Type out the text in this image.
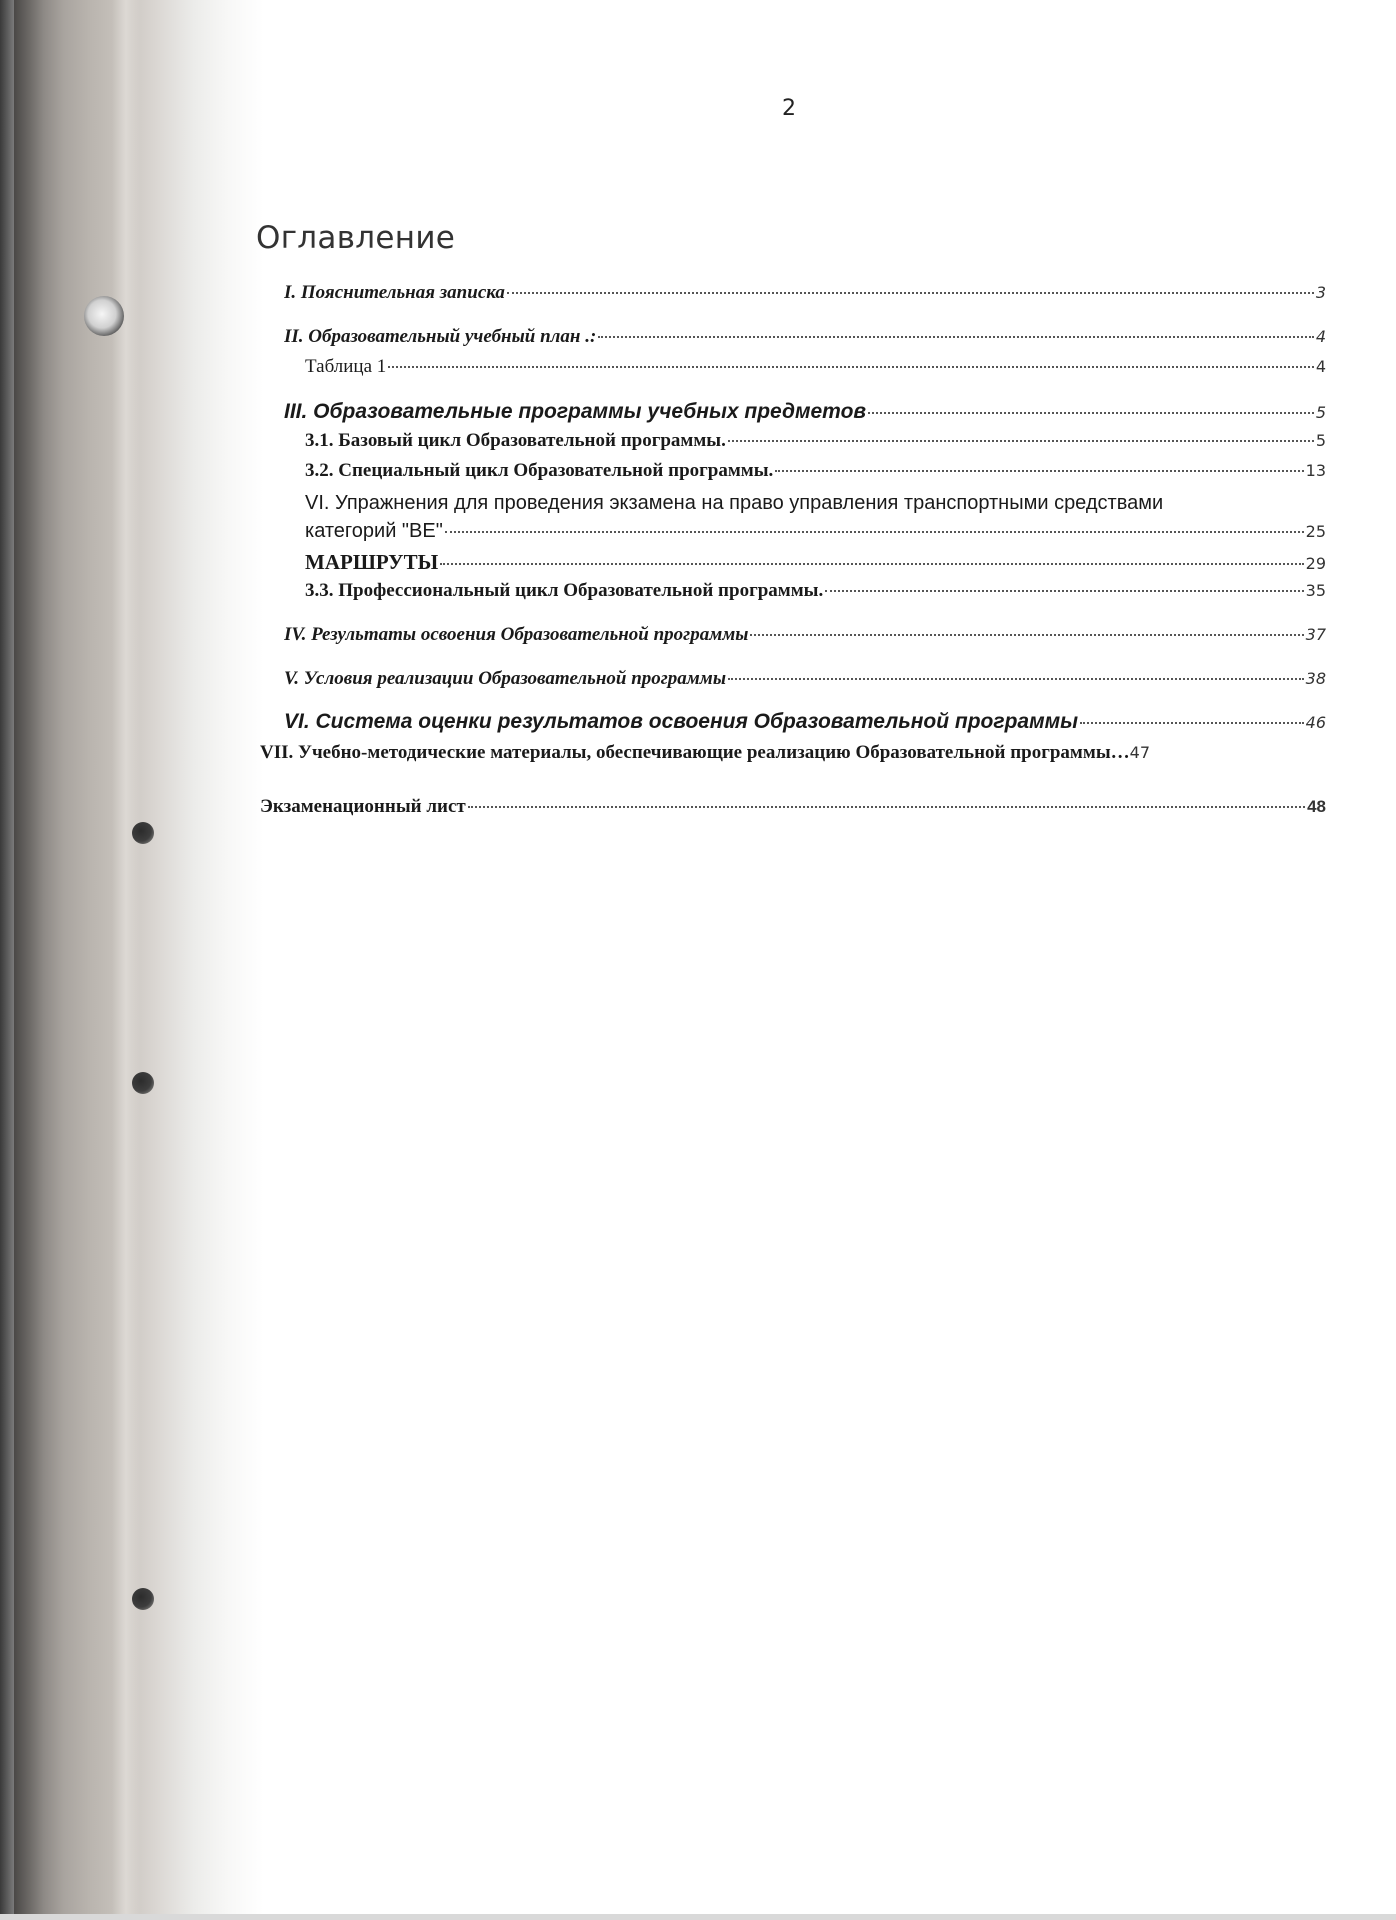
2
Оглавление
I. Пояснительная записка	3
II. Образовательный учебный план .:	4
Таблица 1	4
III. Образовательные программы учебных предметов	5
3.1. Базовый цикл Образовательной программы.	5
3.2. Специальный цикл Образовательной программы.	13
VI. Упражнения для проведения экзамена на право управления транспортными средствами
категорий "ВЕ"	25
МАРШРУТЫ	29
3.3. Профессиональный цикл Образовательной программы.	35
IV. Результаты освоения Образовательной программы	37
V. Условия реализации Образовательной программы	38
VI. Система оценки результатов освоения Образовательной программы	46
VII. Учебно-методические материалы, обеспечивающие реализацию Образовательной программы… 47
Экзаменационный лист	48
